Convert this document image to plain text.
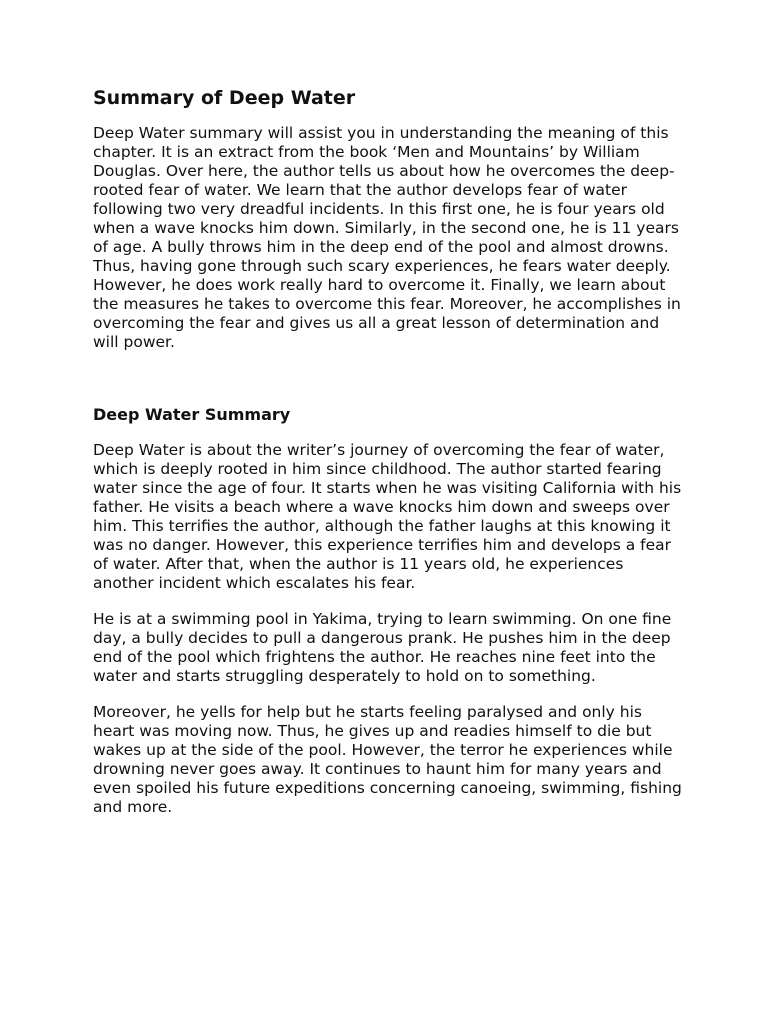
Summary of Deep Water

Deep Water summary will assist you in understanding the meaning of this chapter. It is an extract from the book ‘Men and Mountains’ by William Douglas. Over here, the author tells us about how he overcomes the deep-rooted fear of water. We learn that the author develops fear of water following two very dreadful incidents. In this first one, he is four years old when a wave knocks him down. Similarly, in the second one, he is 11 years of age. A bully throws him in the deep end of the pool and almost drowns. Thus, having gone through such scary experiences, he fears water deeply. However, he does work really hard to overcome it. Finally, we learn about the measures he takes to overcome this fear. Moreover, he accomplishes in overcoming the fear and gives us all a great lesson of determination and will power.

Deep Water Summary

Deep Water is about the writer’s journey of overcoming the fear of water, which is deeply rooted in him since childhood. The author started fearing water since the age of four. It starts when he was visiting California with his father. He visits a beach where a wave knocks him down and sweeps over him. This terrifies the author, although the father laughs at this knowing it was no danger. However, this experience terrifies him and develops a fear of water. After that, when the author is 11 years old, he experiences another incident which escalates his fear.

He is at a swimming pool in Yakima, trying to learn swimming. On one fine day, a bully decides to pull a dangerous prank. He pushes him in the deep end of the pool which frightens the author. He reaches nine feet into the water and starts struggling desperately to hold on to something.

Moreover, he yells for help but he starts feeling paralysed and only his heart was moving now. Thus, he gives up and readies himself to die but wakes up at the side of the pool. However, the terror he experiences while drowning never goes away. It continues to haunt him for many years and even spoiled his future expeditions concerning canoeing, swimming, fishing and more.
